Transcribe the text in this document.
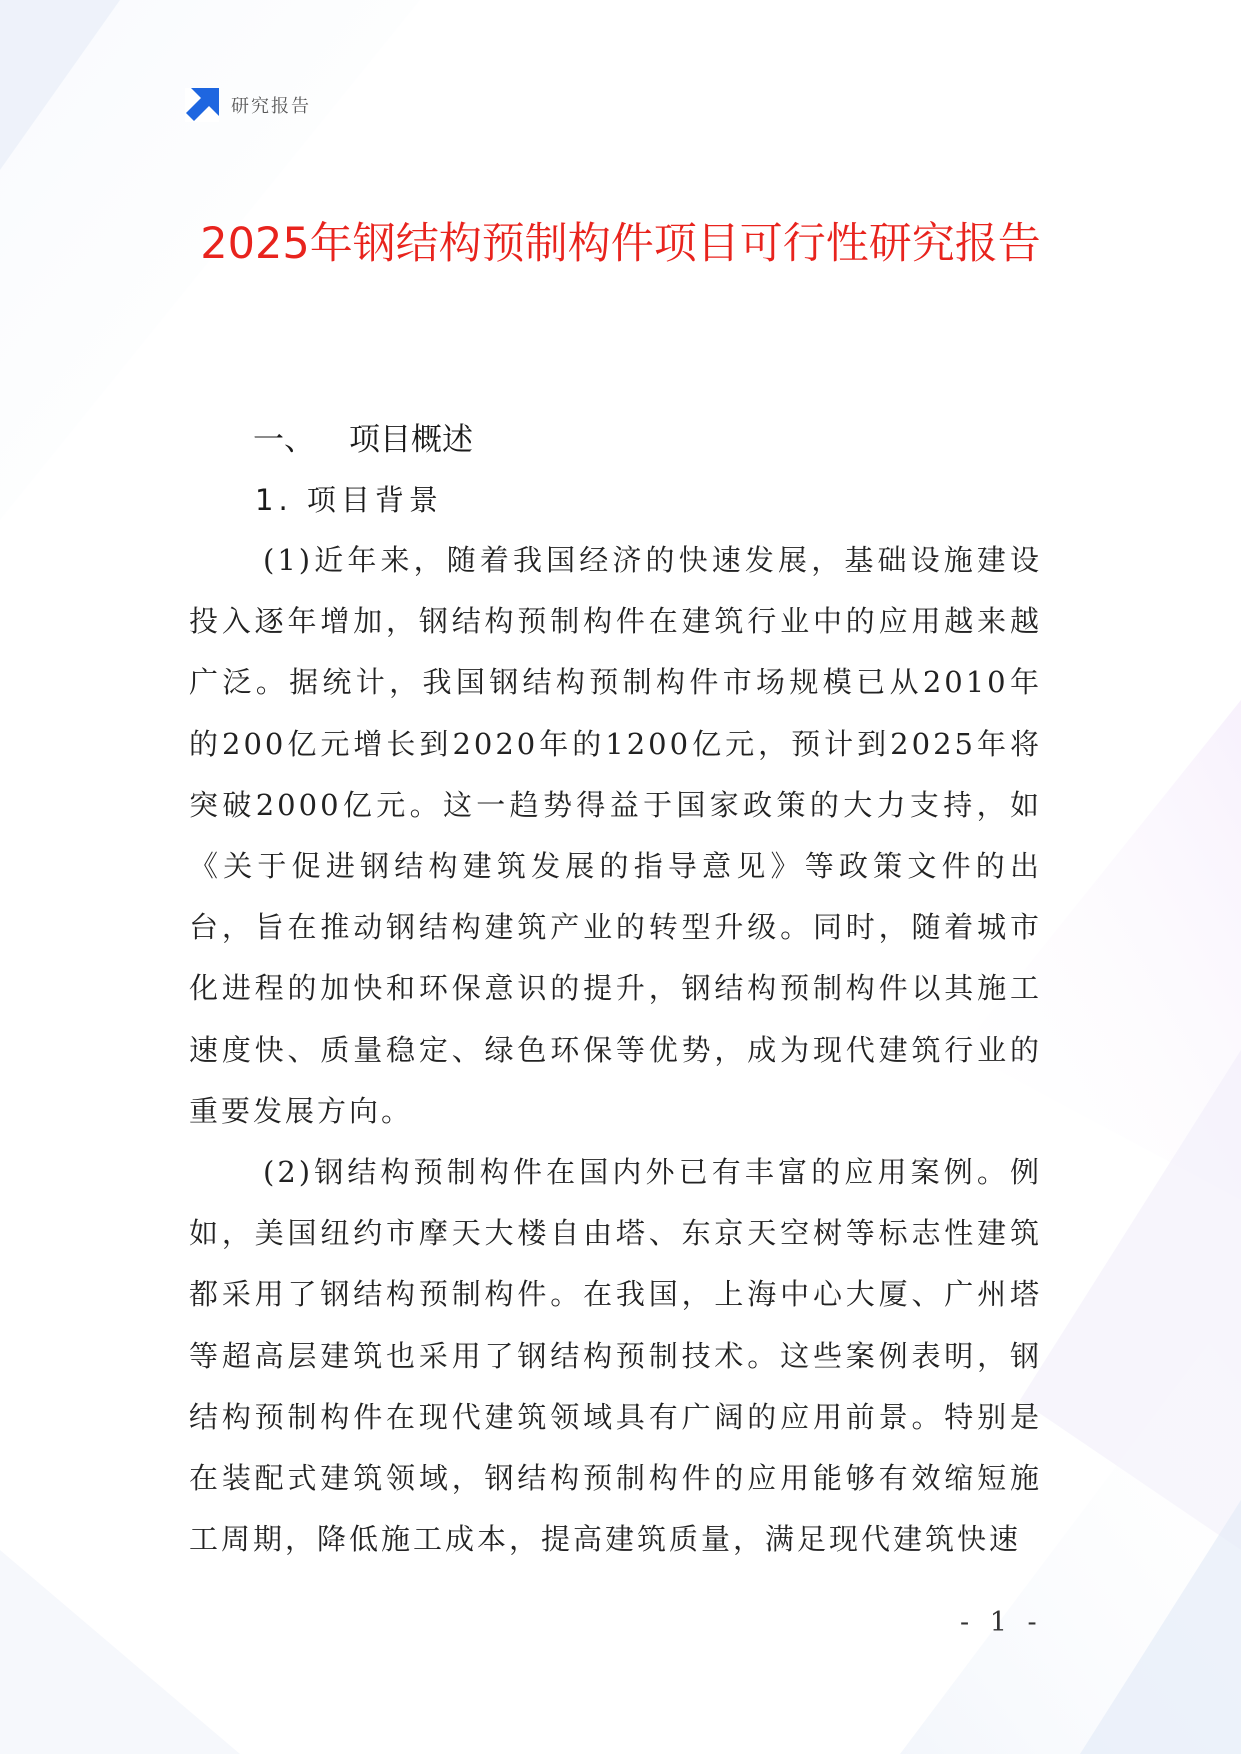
研究报告
2025年钢结构预制构件项目可行性研究报告
一、 项目概述
1. 项目背景

(1)近年来，随着我国经济的快速发展，基础设施建设投入逐年增加，钢结构预制构件在建筑行业中的应用越来越广泛。据统计，我国钢结构预制构件市场规模已从2010年的200亿元增长到2020年的1200亿元，预计到2025年将突破2000亿元。这一趋势得益于国家政策的大力支持，如《关于促进钢结构建筑发展的指导意见》等政策文件的出台，旨在推动钢结构建筑产业的转型升级。同时，随着城市化进程的加快和环保意识的提升，钢结构预制构件以其施工速度快、质量稳定、绿色环保等优势，成为现代建筑行业的重要发展方向。

(2)钢结构预制构件在国内外已有丰富的应用案例。例如，美国纽约市摩天大楼自由塔、东京天空树等标志性建筑都采用了钢结构预制构件。在我国，上海中心大厦、广州塔等超高层建筑也采用了钢结构预制技术。这些案例表明，钢结构预制构件在现代建筑领域具有广阔的应用前景。特别是在装配式建筑领域，钢结构预制构件的应用能够有效缩短施工周期，降低施工成本，提高建筑质量，满足现代建筑快速

- 1 -
